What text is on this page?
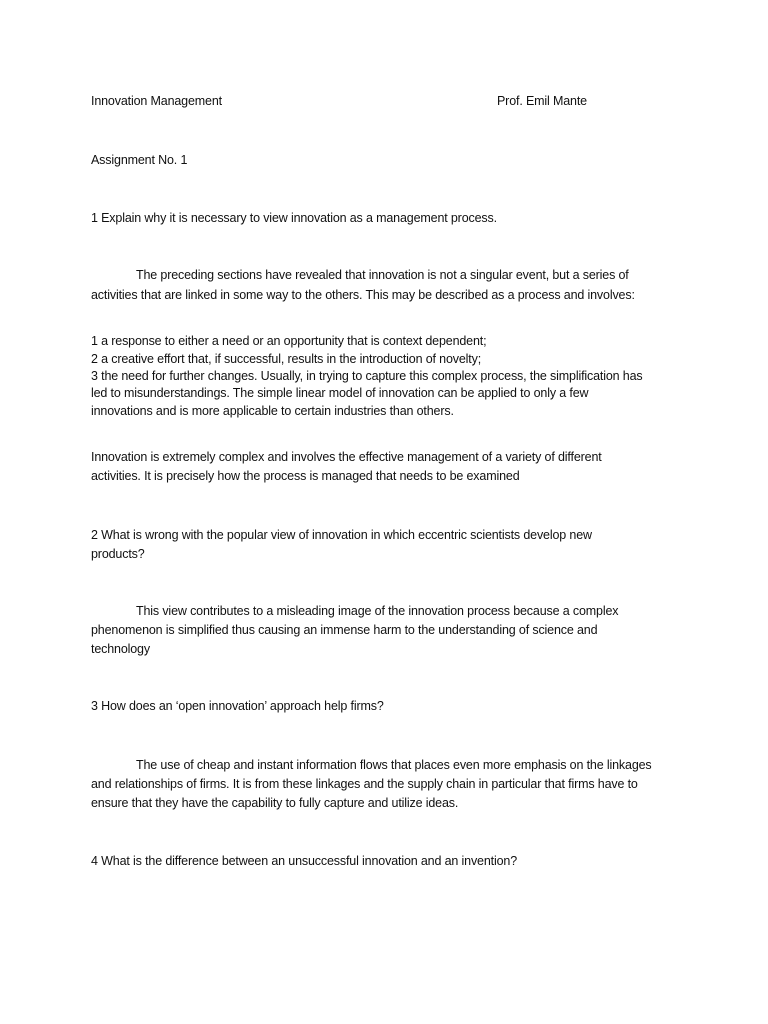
Innovation Management	Prof. Emil Mante
Assignment No. 1
1 Explain why it is necessary to view innovation as a management process.
The preceding sections have revealed that innovation is not a singular event, but a series of
activities that are linked in some way to the others. This may be described as a process and involves:
1 a response to either a need or an opportunity that is context dependent;
2 a creative effort that, if successful, results in the introduction of novelty;
3 the need for further changes. Usually, in trying to capture this complex process, the simplification has
led to misunderstandings. The simple linear model of innovation can be applied to only a few
innovations and is more applicable to certain industries than others.
Innovation is extremely complex and involves the effective management of a variety of different
activities. It is precisely how the process is managed that needs to be examined
2 What is wrong with the popular view of innovation in which eccentric scientists develop new
products?
This view contributes to a misleading image of the innovation process because a complex
phenomenon is simplified thus causing an immense harm to the understanding of science and
technology
3 How does an ‘open innovation’ approach help firms?
The use of cheap and instant information flows that places even more emphasis on the linkages
and relationships of firms. It is from these linkages and the supply chain in particular that firms have to
ensure that they have the capability to fully capture and utilize ideas.
4 What is the difference between an unsuccessful innovation and an invention?
